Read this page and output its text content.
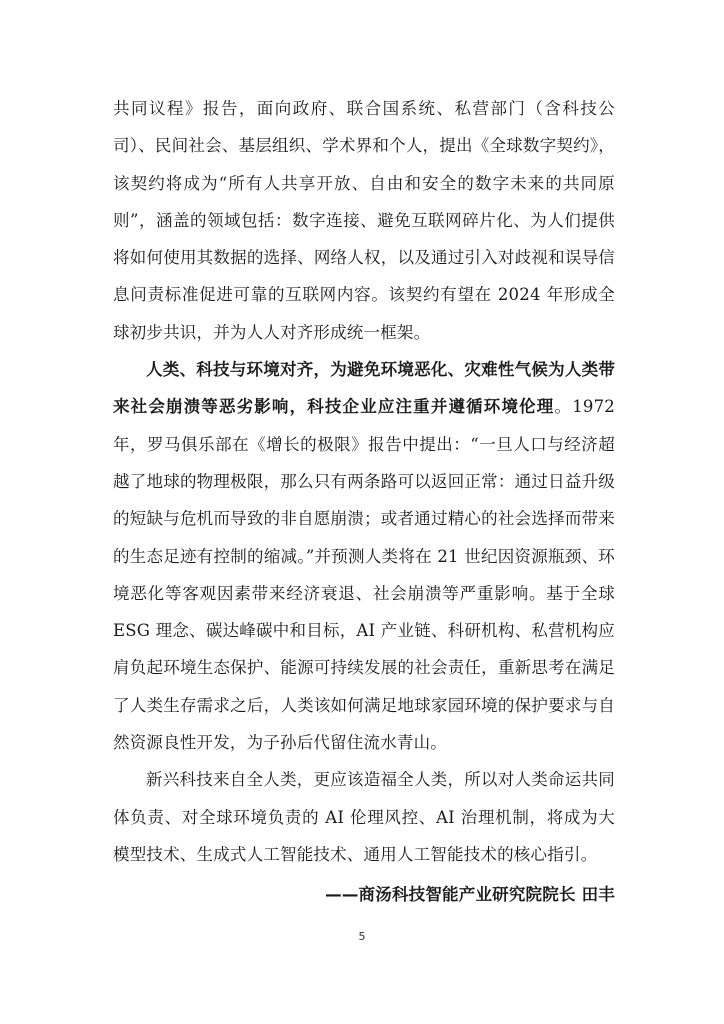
共同议程》报告，面向政府、联合国系统、私营部门（含科技公司）、民间社会、基层组织、学术界和个人，提出《全球数字契约》，该契约将成为“所有人共享开放、自由和安全的数字未来的共同原则”，涵盖的领域包括：数字连接、避免互联网碎片化、为人们提供将如何使用其数据的选择、网络人权，以及通过引入对歧视和误导信息问责标准促进可靠的互联网内容。该契约有望在 2024 年形成全球初步共识，并为人人对齐形成统一框架。

人类、科技与环境对齐，为避免环境恶化、灾难性气候为人类带来社会崩溃等恶劣影响，科技企业应注重并遵循环境伦理。1972 年，罗马俱乐部在《增长的极限》报告中提出：“一旦人口与经济超越了地球的物理极限，那么只有两条路可以返回正常：通过日益升级的短缺与危机而导致的非自愿崩溃；或者通过精心的社会选择而带来的生态足迹有控制的缩减。”并预测人类将在 21 世纪因资源瓶颈、环境恶化等客观因素带来经济衰退、社会崩溃等严重影响。基于全球 ESG 理念、碳达峰碳中和目标，AI 产业链、科研机构、私营机构应肩负起环境生态保护、能源可持续发展的社会责任，重新思考在满足了人类生存需求之后，人类该如何满足地球家园环境的保护要求与自然资源良性开发，为子孙后代留住流水青山。

新兴科技来自全人类，更应该造福全人类，所以对人类命运共同体负责、对全球环境负责的 AI 伦理风控、AI 治理机制，将成为大模型技术、生成式人工智能技术、通用人工智能技术的核心指引。

——商汤科技智能产业研究院院长 田丰

5
